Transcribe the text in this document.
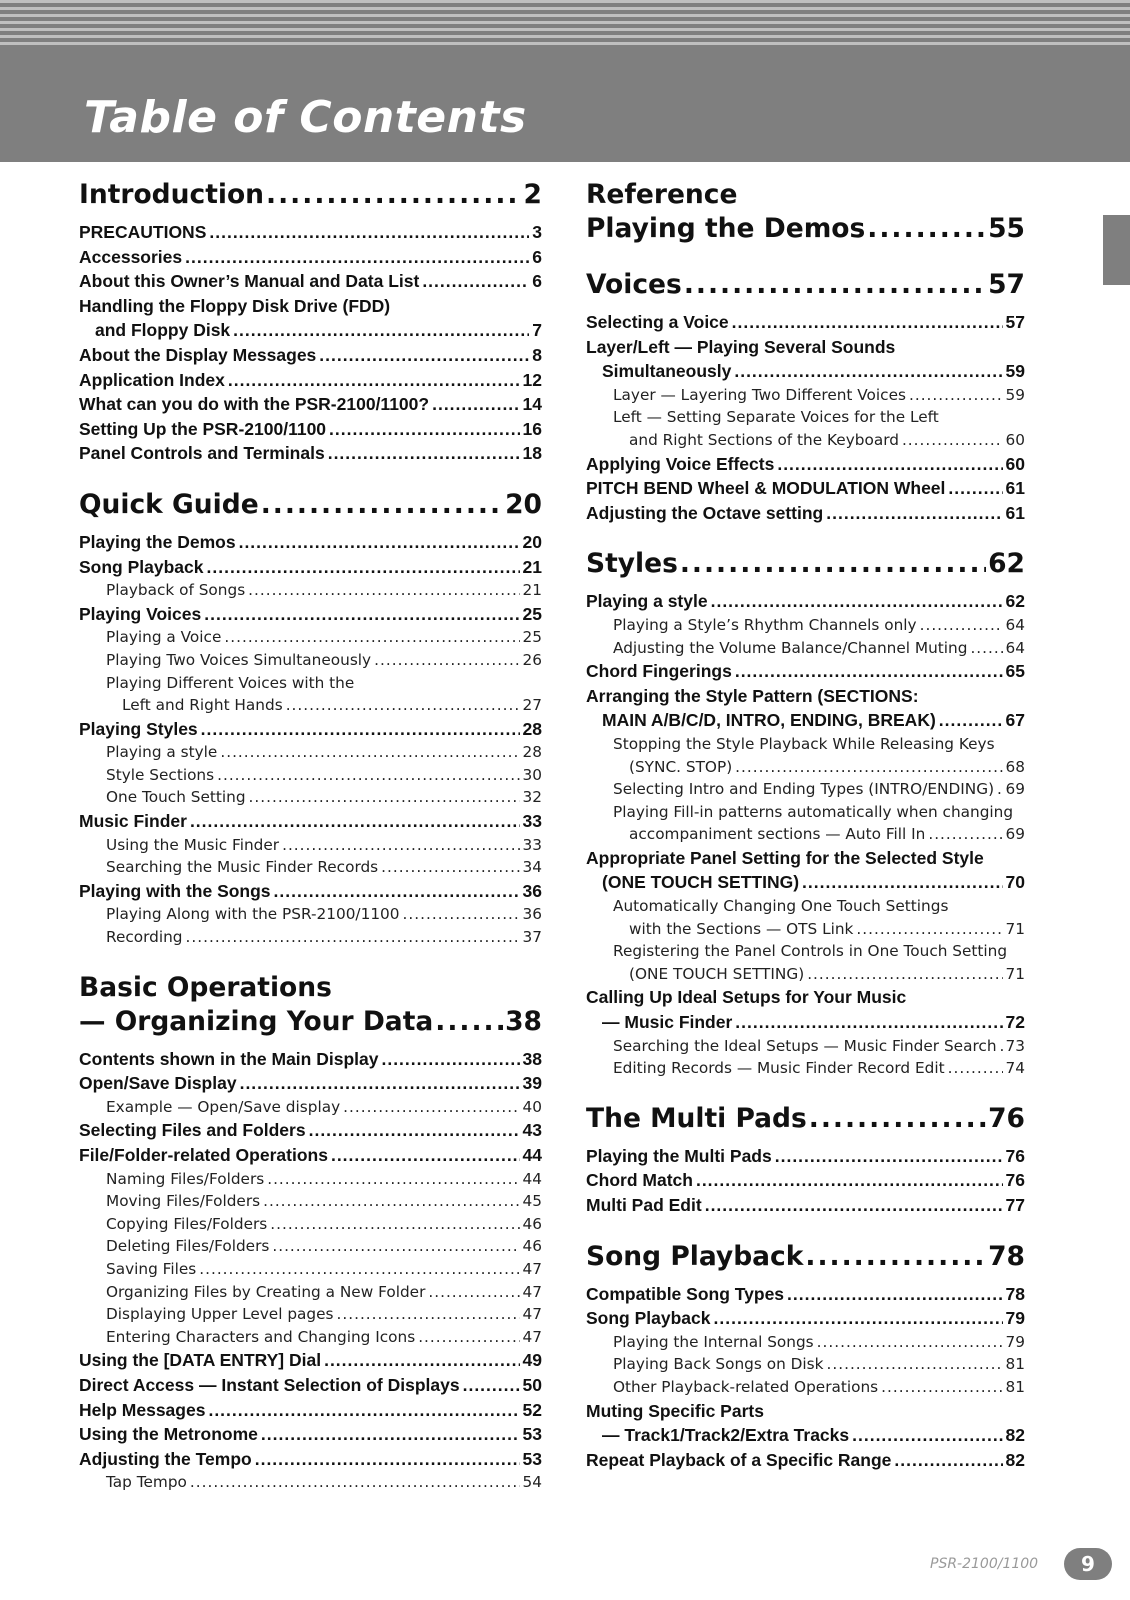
Table of Contents
Introduction .....	2
PRECAUTIONS .....	3
Accessories .....	6
About this Owner’s Manual and Data List .....	6
Handling the Floppy Disk Drive (FDD)
and Floppy Disk .....	7
About the Display Messages .....	8
Application Index .....	12
What can you do with the PSR-2100/1100? .....	14
Setting Up the PSR-2100/1100 .....	16
Panel Controls and Terminals .....	18
Quick Guide .....	20
Playing the Demos .....	20
Song Playback .....	21
Playback of Songs .....	21
Playing Voices .....	25
Playing a Voice .....	25
Playing Two Voices Simultaneously .....	26
Playing Different Voices with the
Left and Right Hands .....	27
Playing Styles .....	28
Playing a style .....	28
Style Sections .....	30
One Touch Setting .....	32
Music Finder .....	33
Using the Music Finder .....	33
Searching the Music Finder Records .....	34
Playing with the Songs .....	36
Playing Along with the PSR-2100/1100 .....	36
Recording .....	37
Basic Operations
— Organizing Your Data .....	38
Contents shown in the Main Display .....	38
Open/Save Display .....	39
Example — Open/Save display .....	40
Selecting Files and Folders .....	43
File/Folder-related Operations .....	44
Naming Files/Folders .....	44
Moving Files/Folders .....	45
Copying Files/Folders .....	46
Deleting Files/Folders .....	46
Saving Files .....	47
Organizing Files by Creating a New Folder .....	47
Displaying Upper Level pages .....	47
Entering Characters and Changing Icons .....	47
Using the [DATA ENTRY] Dial .....	49
Direct Access — Instant Selection of Displays .....	50
Help Messages .....	52
Using the Metronome .....	53
Adjusting the Tempo .....	53
Tap Tempo .....	54
Reference
Playing the Demos .....	55
Voices .....	57
Selecting a Voice .....	57
Layer/Left — Playing Several Sounds
Simultaneously .....	59
Layer — Layering Two Different Voices .....	59
Left — Setting Separate Voices for the Left
and Right Sections of the Keyboard .....	60
Applying Voice Effects .....	60
PITCH BEND Wheel & MODULATION Wheel .....	61
Adjusting the Octave setting .....	61
Styles .....	62
Playing a style .....	62
Playing a Style’s Rhythm Channels only .....	64
Adjusting the Volume Balance/Channel Muting ..... 64
Chord Fingerings .....	65
Arranging the Style Pattern (SECTIONS:
MAIN A/B/C/D, INTRO, ENDING, BREAK) .....	67
Stopping the Style Playback While Releasing Keys
(SYNC. STOP) .....	68
Selecting Intro and Ending Types (INTRO/ENDING) ..... 69
Playing Fill-in patterns automatically when changing
accompaniment sections — Auto Fill In .....	69
Appropriate Panel Setting for the Selected Style
(ONE TOUCH SETTING) .....	70
Automatically Changing One Touch Settings
with the Sections — OTS Link .....	71
Registering the Panel Controls in One Touch Setting
(ONE TOUCH SETTING) .....	71
Calling Up Ideal Setups for Your Music
— Music Finder .....	72
Searching the Ideal Setups — Music Finder Search ..... 73
Editing Records — Music Finder Record Edit .....	74
The Multi Pads .....	76
Playing the Multi Pads .....	76
Chord Match .....	76
Multi Pad Edit .....	77
Song Playback .....	78
Compatible Song Types .....	78
Song Playback .....	79
Playing the Internal Songs .....	79
Playing Back Songs on Disk .....	81
Other Playback-related Operations .....	81
Muting Specific Parts
— Track1/Track2/Extra Tracks .....	82
Repeat Playback of a Specific Range .....	82
PSR-2100/1100	9
